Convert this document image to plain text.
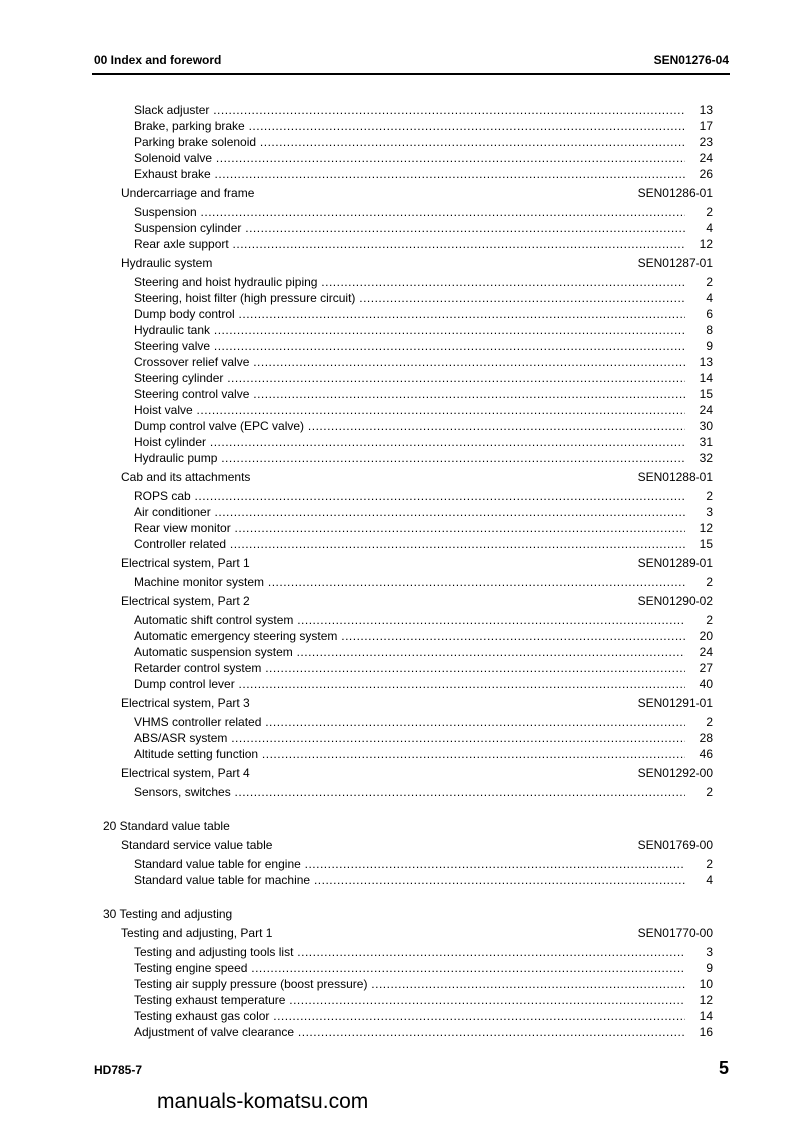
00 Index and foreword	SEN01276-04
Slack adjuster .....	13
Brake, parking brake .....	17
Parking brake solenoid .....	23
Solenoid valve .....	24
Exhaust brake .....	26
Undercarriage and frame	SEN01286-01
Suspension .....	2
Suspension cylinder .....	4
Rear axle support .....	12
Hydraulic system	SEN01287-01
Steering and hoist hydraulic piping .....	2
Steering, hoist filter (high pressure circuit) .....	4
Dump body control .....	6
Hydraulic tank .....	8
Steering valve .....	9
Crossover relief valve .....	13
Steering cylinder .....	14
Steering control valve .....	15
Hoist valve .....	24
Dump control valve (EPC valve) .....	30
Hoist cylinder .....	31
Hydraulic pump .....	32
Cab and its attachments	SEN01288-01
ROPS cab .....	2
Air conditioner .....	3
Rear view monitor .....	12
Controller related .....	15
Electrical system, Part 1	SEN01289-01
Machine monitor system .....	2
Electrical system, Part 2	SEN01290-02
Automatic shift control system .....	2
Automatic emergency steering system .....	20
Automatic suspension system .....	24
Retarder control system .....	27
Dump control lever .....	40
Electrical system, Part 3	SEN01291-01
VHMS controller related .....	2
ABS/ASR system .....	28
Altitude setting function .....	46
Electrical system, Part 4	SEN01292-00
Sensors, switches .....	2
20 Standard value table
Standard service value table	SEN01769-00
Standard value table for engine .....	2
Standard value table for machine .....	4
30 Testing and adjusting
Testing and adjusting, Part 1	SEN01770-00
Testing and adjusting tools list .....	3
Testing engine speed .....	9
Testing air supply pressure (boost pressure) .....	10
Testing exhaust temperature .....	12
Testing exhaust gas color .....	14
Adjustment of valve clearance .....	16
HD785-7	5
manuals-komatsu.com
